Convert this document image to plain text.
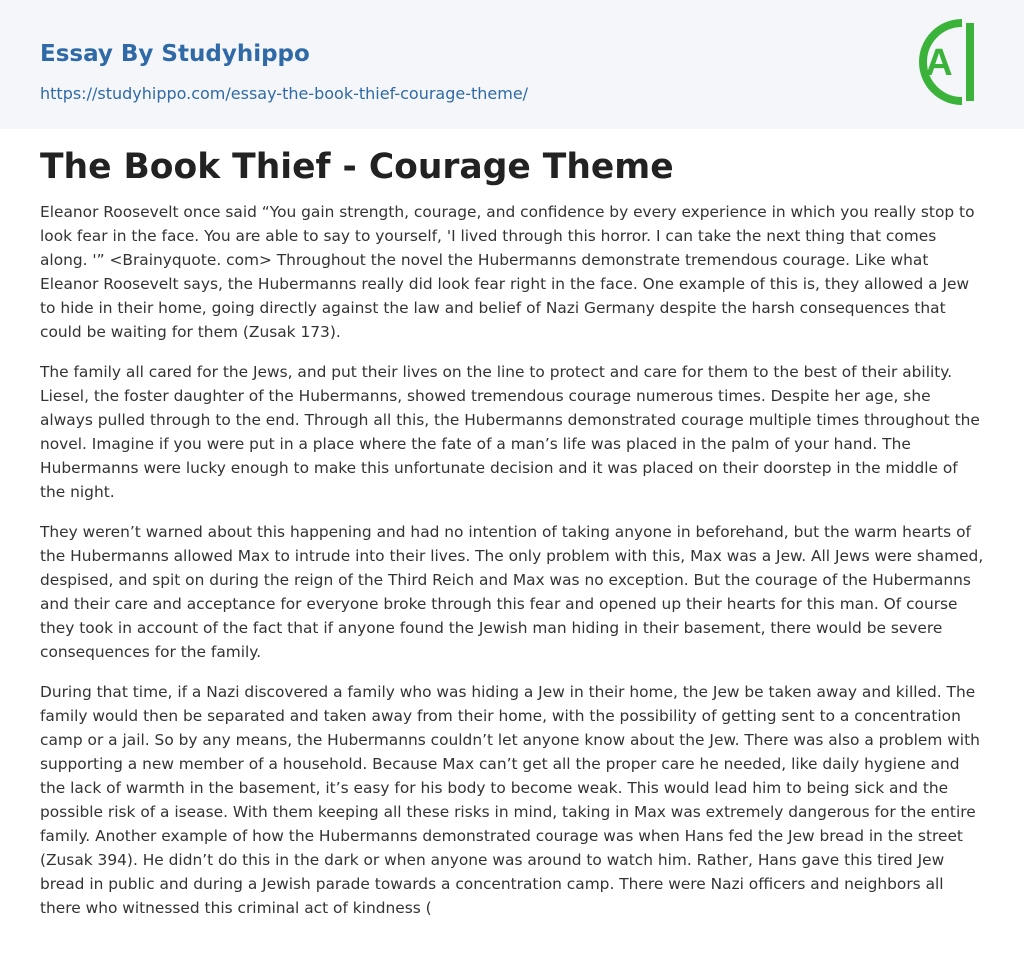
Essay By Studyhippo
https://studyhippo.com/essay-the-book-thief-courage-theme/
A
The Book Thief - Courage Theme

Eleanor Roosevelt once said “You gain strength, courage, and confidence by every experience in which you really stop to look fear in the face. You are able to say to yourself, 'I lived through this horror. I can take the next thing that comes along. '” <Brainyquote. com> Throughout the novel the Hubermanns demonstrate tremendous courage. Like what Eleanor Roosevelt says, the Hubermanns really did look fear right in the face. One example of this is, they allowed a Jew to hide in their home, going directly against the law and belief of Nazi Germany despite the harsh consequences that could be waiting for them (Zusak 173).

The family all cared for the Jews, and put their lives on the line to protect and care for them to the best of their ability. Liesel, the foster daughter of the Hubermanns, showed tremendous courage numerous times. Despite her age, she always pulled through to the end. Through all this, the Hubermanns demonstrated courage multiple times throughout the novel. Imagine if you were put in a place where the fate of a man’s life was placed in the palm of your hand. The Hubermanns were lucky enough to make this unfortunate decision and it was placed on their doorstep in the middle of the night.

They weren’t warned about this happening and had no intention of taking anyone in beforehand, but the warm hearts of the Hubermanns allowed Max to intrude into their lives. The only problem with this, Max was a Jew. All Jews were shamed, despised, and spit on during the reign of the Third Reich and Max was no exception. But the courage of the Hubermanns and their care and acceptance for everyone broke through this fear and opened up their hearts for this man. Of course they took in account of the fact that if anyone found the Jewish man hiding in their basement, there would be severe consequences for the family.

During that time, if a Nazi discovered a family who was hiding a Jew in their home, the Jew be taken away and killed. The family would then be separated and taken away from their home, with the possibility of getting sent to a concentration camp or a jail. So by any means, the Hubermanns couldn’t let anyone know about the Jew. There was also a problem with supporting a new member of a household. Because Max can’t get all the proper care he needed, like daily hygiene and the lack of warmth in the basement, it’s easy for his body to become weak. This would lead him to being sick and the possible risk of a isease. With them keeping all these risks in mind, taking in Max was extremely dangerous for the entire family. Another example of how the Hubermanns demonstrated courage was when Hans fed the Jew bread in the street (Zusak 394). He didn’t do this in the dark or when anyone was around to watch him. Rather, Hans gave this tired Jew bread in public and during a Jewish parade towards a concentration camp. There were Nazi officers and neighbors all there who witnessed this criminal act of kindness (
